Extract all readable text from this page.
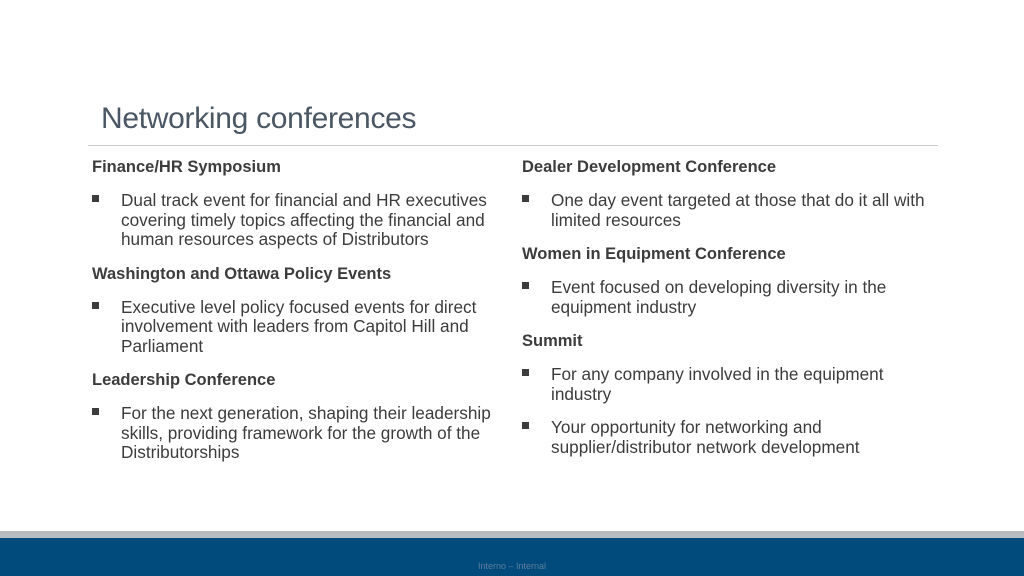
Networking conferences
Finance/HR Symposium
Dual track event for financial and HR executives covering timely topics affecting the financial and human resources aspects of Distributors
Washington and Ottawa Policy Events
Executive level policy focused events for direct involvement with leaders from Capitol Hill and Parliament
Leadership Conference
For the next generation, shaping their leadership skills, providing framework for the growth of the Distributorships
Dealer Development Conference
One day event targeted at those that do it all with limited resources
Women in Equipment Conference
Event focused on developing diversity in the equipment industry
Summit
For any company involved in the equipment industry
Your opportunity for networking and supplier/distributor network development
Interno – Internal
